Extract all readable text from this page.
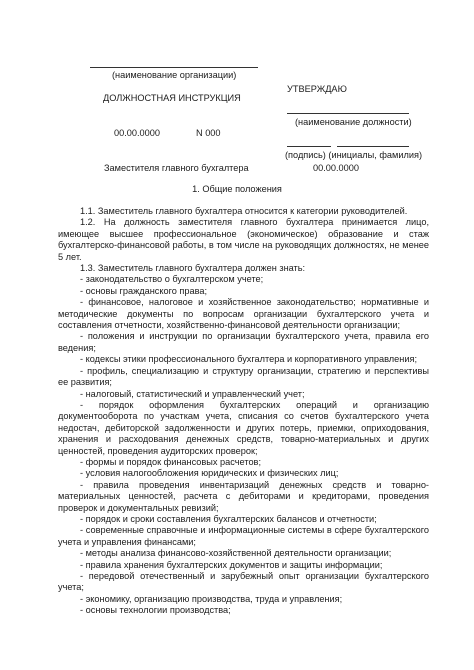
(наименование организации)
УТВЕРЖДАЮ
ДОЛЖНОСТНАЯ ИНСТРУКЦИЯ
(наименование должности)
00.00.0000	N 000
(подпись) (инициалы, фамилия)
Заместителя главного бухгалтера	00.00.0000
1. Общие положения

1.1. Заместитель главного бухгалтера относится к категории руководителей.

1.2. На должность заместителя главного бухгалтера принимается лицо, имеющее высшее профессиональное (экономическое) образование и стаж бухгалтерско-финансовой работы, в том числе на руководящих должностях, не менее 5 лет.

1.3. Заместитель главного бухгалтера должен знать:

- законодательство о бухгалтерском учете;

- основы гражданского права;

- финансовое, налоговое и хозяйственное законодательство; нормативные и методические документы по вопросам организации бухгалтерского учета и составления отчетности, хозяйственно-финансовой деятельности организации;

- положения и инструкции по организации бухгалтерского учета, правила его ведения;

- кодексы этики профессионального бухгалтера и корпоративного управления;

- профиль, специализацию и структуру организации, стратегию и перспективы ее развития;

- налоговый, статистический и управленческий учет;

- порядок оформления бухгалтерских операций и организацию документооборота по участкам учета, списания со счетов бухгалтерского учета недостач, дебиторской задолженности и других потерь, приемки, оприходования, хранения и расходования денежных средств, товарно-материальных и других ценностей, проведения аудиторских проверок;

- формы и порядок финансовых расчетов;

- условия налогообложения юридических и физических лиц;

- правила проведения инвентаризаций денежных средств и товарно-материальных ценностей, расчета с дебиторами и кредиторами, проведения проверок и документальных ревизий;

- порядок и сроки составления бухгалтерских балансов и отчетности;

- современные справочные и информационные системы в сфере бухгалтерского учета и управления финансами;

- методы анализа финансово-хозяйственной деятельности организации;

- правила хранения бухгалтерских документов и защиты информации;

- передовой отечественный и зарубежный опыт организации бухгалтерского учета;

- экономику, организацию производства, труда и управления;

- основы технологии производства;
